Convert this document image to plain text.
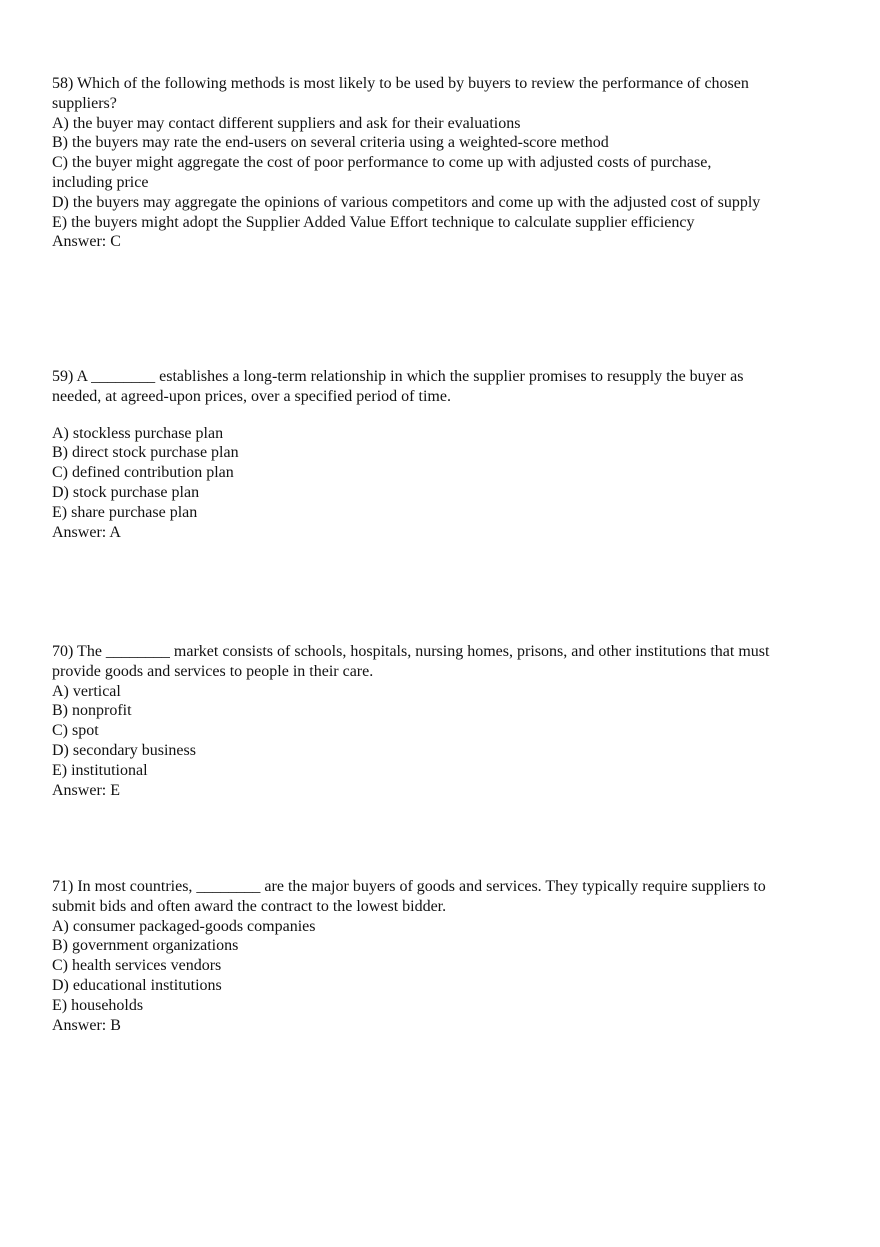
58) Which of the following methods is most likely to be used by buyers to review the performance of chosen
suppliers?
A) the buyer may contact different suppliers and ask for their evaluations
B) the buyers may rate the end-users on several criteria using a weighted-score method
C) the buyer might aggregate the cost of poor performance to come up with adjusted costs of purchase,
including price
D) the buyers may aggregate the opinions of various competitors and come up with the adjusted cost of supply
E) the buyers might adopt the Supplier Added Value Effort technique to calculate supplier efficiency
Answer: C
59) A ________ establishes a long-term relationship in which the supplier promises to resupply the buyer as
needed, at agreed-upon prices, over a specified period of time.
A) stockless purchase plan
B) direct stock purchase plan
C) defined contribution plan
D) stock purchase plan
E) share purchase plan
Answer: A
70) The ________ market consists of schools, hospitals, nursing homes, prisons, and other institutions that must
provide goods and services to people in their care.
A) vertical
B) nonprofit
C) spot
D) secondary business
E) institutional
Answer: E
71) In most countries, ________ are the major buyers of goods and services. They typically require suppliers to
submit bids and often award the contract to the lowest bidder.
A) consumer packaged-goods companies
B) government organizations
C) health services vendors
D) educational institutions
E) households
Answer: B
